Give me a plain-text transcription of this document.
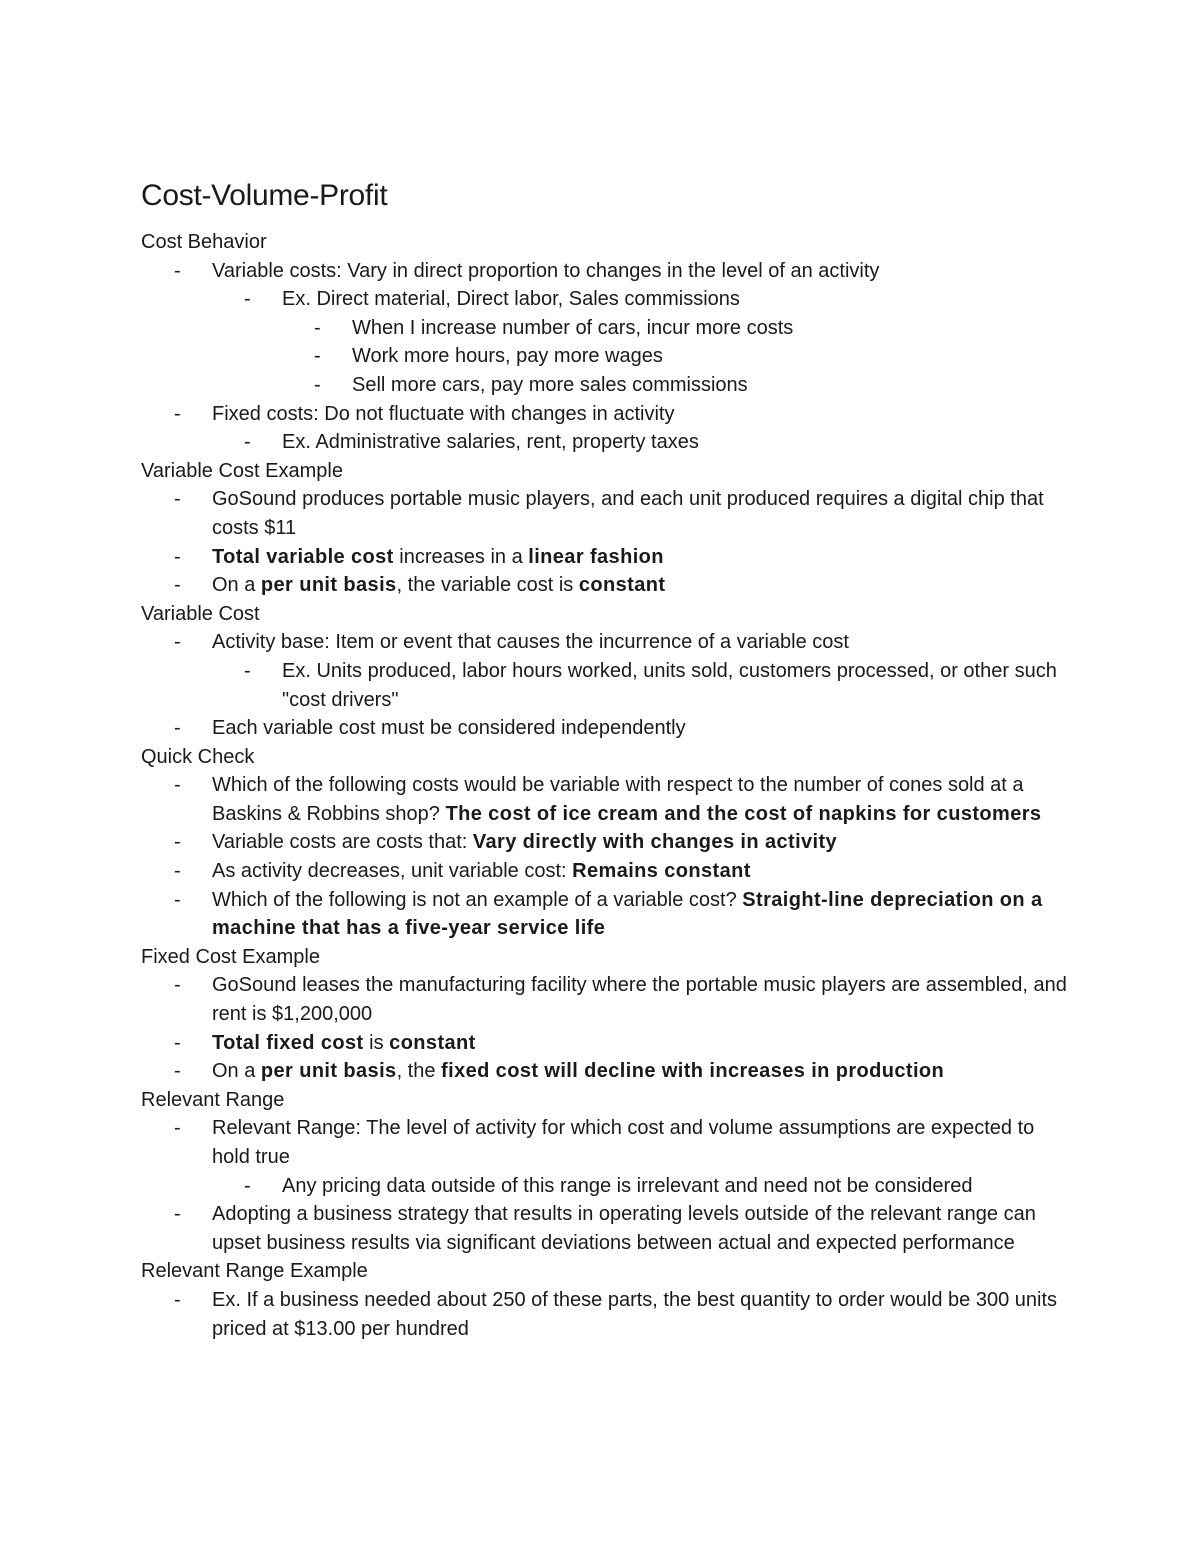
Cost-Volume-Profit
Cost Behavior
- Variable costs: Vary in direct proportion to changes in the level of an activity
- Ex. Direct material, Direct labor, Sales commissions
- When I increase number of cars, incur more costs
- Work more hours, pay more wages
- Sell more cars, pay more sales commissions
- Fixed costs: Do not fluctuate with changes in activity
- Ex. Administrative salaries, rent, property taxes
Variable Cost Example
- GoSound produces portable music players, and each unit produced requires a digital chip that costs $11
- Total variable cost increases in a linear fashion
- On a per unit basis, the variable cost is constant
Variable Cost
- Activity base: Item or event that causes the incurrence of a variable cost
- Ex. Units produced, labor hours worked, units sold, customers processed, or other such "cost drivers"
- Each variable cost must be considered independently
Quick Check
- Which of the following costs would be variable with respect to the number of cones sold at a Baskins & Robbins shop? The cost of ice cream and the cost of napkins for customers
- Variable costs are costs that: Vary directly with changes in activity
- As activity decreases, unit variable cost: Remains constant
- Which of the following is not an example of a variable cost? Straight-line depreciation on a machine that has a five-year service life
Fixed Cost Example
- GoSound leases the manufacturing facility where the portable music players are assembled, and rent is $1,200,000
- Total fixed cost is constant
- On a per unit basis, the fixed cost will decline with increases in production
Relevant Range
- Relevant Range: The level of activity for which cost and volume assumptions are expected to hold true
- Any pricing data outside of this range is irrelevant and need not be considered
- Adopting a business strategy that results in operating levels outside of the relevant range can upset business results via significant deviations between actual and expected performance
Relevant Range Example
- Ex. If a business needed about 250 of these parts, the best quantity to order would be 300 units priced at $13.00 per hundred
